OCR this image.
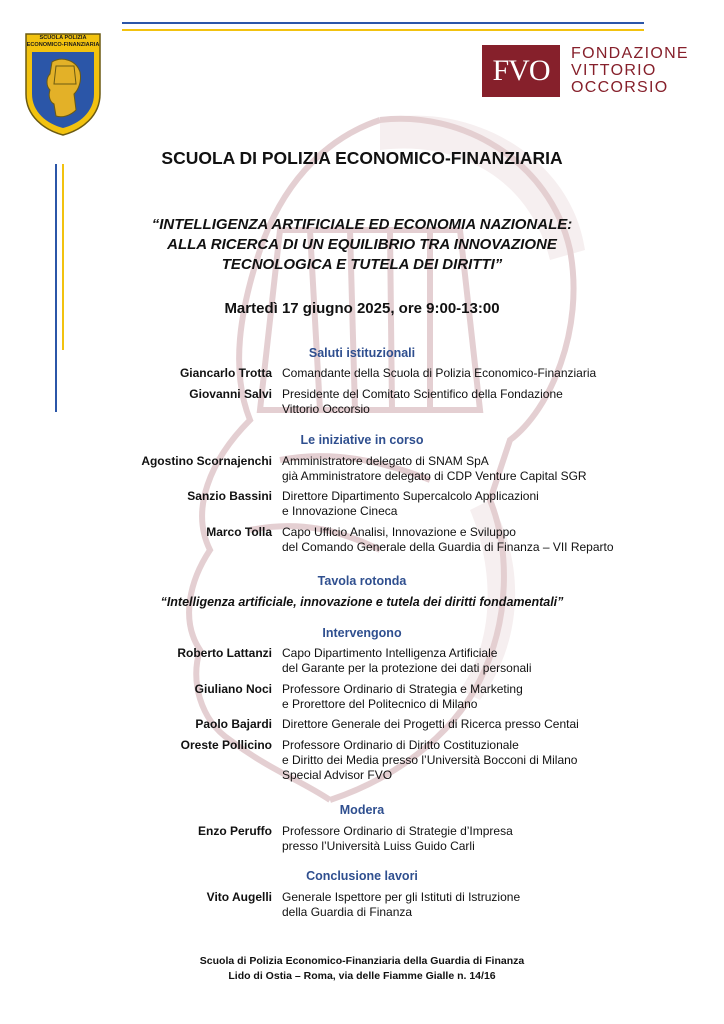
SCUOLA POLIZIA
ECONOMICO-FINANZIARIA
FVO
FONDAZIONE
VITTORIO
OCCORSIO
SCUOLA DI POLIZIA ECONOMICO-FINANZIARIA
“INTELLIGENZA ARTIFICIALE ED ECONOMIA NAZIONALE:
ALLA RICERCA DI UN EQUILIBRIO TRA INNOVAZIONE
TECNOLOGICA E TUTELA DEI DIRITTI”
Martedì 17 giugno 2025, ore 9:00-13:00
Saluti istituzionali
Giancarlo Trotta Comandante della Scuola di Polizia Economico-Finanziaria
Giovanni Salvi Presidente del Comitato Scientifico della Fondazione
Vittorio Occorsio
Le iniziative in corso
Agostino Scornajenchi Amministratore delegato di SNAM SpA
già Amministratore delegato di CDP Venture Capital SGR
Sanzio Bassini Direttore Dipartimento Supercalcolo Applicazioni
e Innovazione Cineca
Marco Tolla Capo Ufficio Analisi, Innovazione e Sviluppo
del Comando Generale della Guardia di Finanza – VII Reparto
Tavola rotonda
“Intelligenza artificiale, innovazione e tutela dei diritti fondamentali”
Intervengono
Roberto Lattanzi Capo Dipartimento Intelligenza Artificiale
del Garante per la protezione dei dati personali
Giuliano Noci Professore Ordinario di Strategia e Marketing
e Prorettore del Politecnico di Milano
Paolo Bajardi Direttore Generale dei Progetti di Ricerca presso Centai
Oreste Pollicino Professore Ordinario di Diritto Costituzionale
e Diritto dei Media presso l’Università Bocconi di Milano
Special Advisor FVO
Modera
Enzo Peruffo Professore Ordinario di Strategie d’Impresa
presso l’Università Luiss Guido Carli
Conclusione lavori
Vito Augelli Generale Ispettore per gli Istituti di Istruzione
della Guardia di Finanza
Scuola di Polizia Economico-Finanziaria della Guardia di Finanza
Lido di Ostia – Roma, via delle Fiamme Gialle n. 14/16
